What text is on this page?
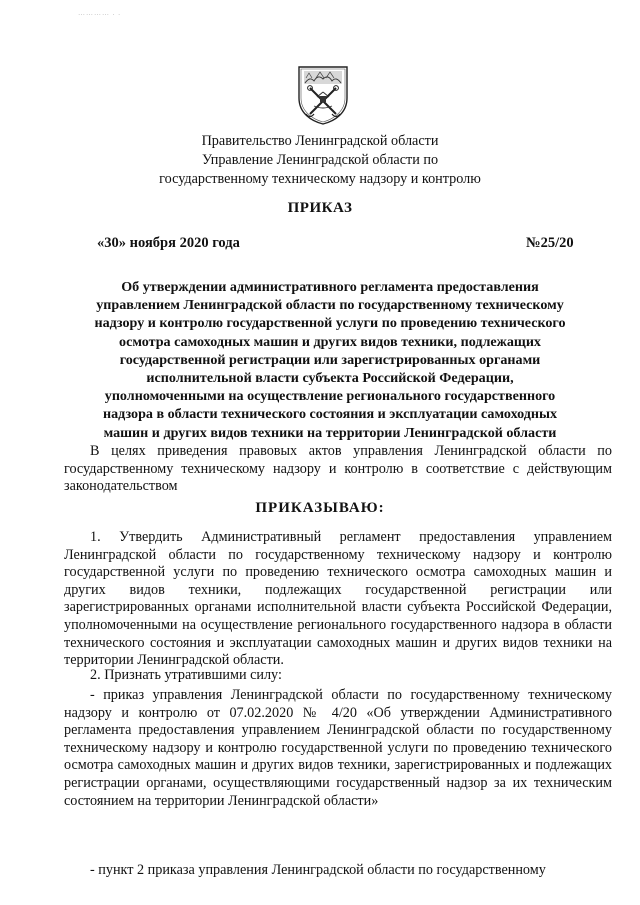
………… . .
Правительство Ленинградской области
Управление Ленинградской области по
государственному техническому надзору и контролю
ПРИКАЗ
«30» ноября 2020 года	№25/20
Об утверждении административного регламента предоставления
управлением Ленинградской области по государственному техническому
надзору и контролю государственной услуги по проведению технического
осмотра самоходных машин и других видов техники, подлежащих
государственной регистрации или зарегистрированных органами
исполнительной власти субъекта Российской Федерации,
уполномоченными на осуществление регионального государственного
надзора в области технического состояния и эксплуатации самоходных
машин и других видов техники на территории Ленинградской области
В целях приведения правовых актов управления Ленинградской области по государственному техническому надзору и контролю в соответствие с действующим законодательством
ПРИКАЗЫВАЮ:
1. Утвердить Административный регламент предоставления управлением Ленинградской области по государственному техническому надзору и контролю государственной услуги по проведению технического осмотра самоходных машин и других видов техники, подлежащих государственной регистрации или зарегистрированных органами исполнительной власти субъекта Российской Федерации, уполномоченными на осуществление регионального государственного надзора в области технического состояния и эксплуатации самоходных машин и других видов техники на территории Ленинградской области.
2. Признать утратившими силу:
- приказ управления Ленинградской области по государственному техническому надзору и контролю от 07.02.2020 № 4/20 «Об утверждении Административного регламента предоставления управлением Ленинградской области по государственному техническому надзору и контролю государственной услуги по проведению технического осмотра самоходных машин и других видов техники, зарегистрированных и подлежащих регистрации органами, осуществляющими государственный надзор за их техническим состоянием на территории Ленинградской области»
- пункт 2 приказа управления Ленинградской области по государственному
